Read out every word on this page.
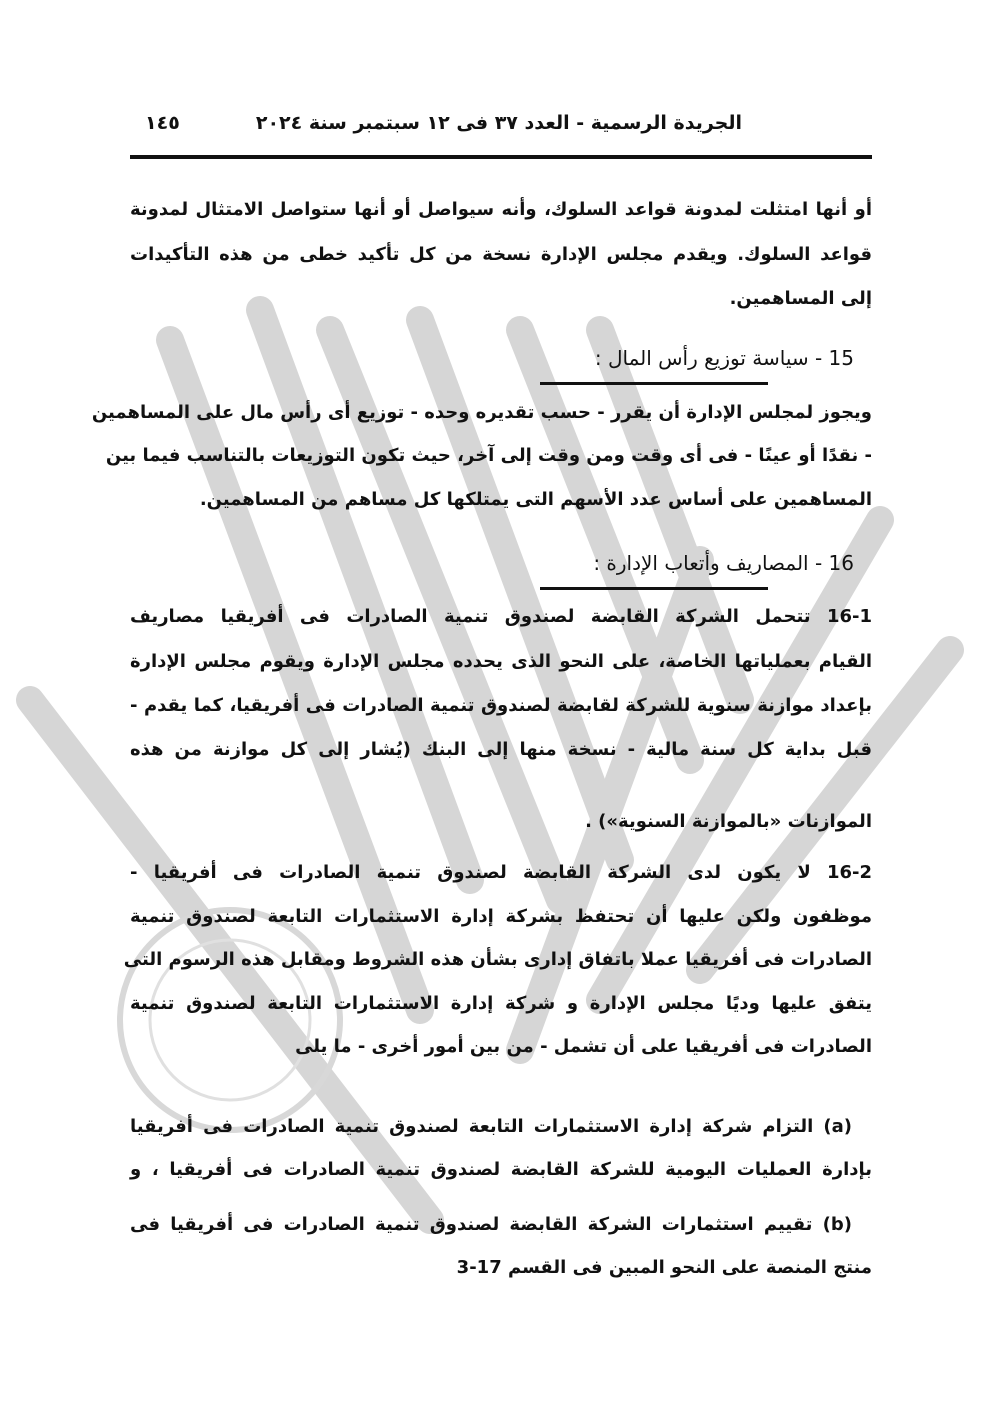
١٤٥	الجريدة الرسمية - العدد ٣٧ فى ١٢ سبتمبر سنة ٢٠٢٤
أو أنها امتثلت لمدونة قواعد السلوك، وأنه سيواصل أو أنها ستواصل الامتثال لمدونة
قواعد السلوك. ويقدم مجلس الإدارة نسخة من كل تأكيد خطى من هذه التأكيدات
إلى المساهمين.
15 - سياسة توزيع رأس المال :
ويجوز لمجلس الإدارة أن يقرر - حسب تقديره وحده - توزيع أى رأس مال على المساهمين
- نقدًا أو عينًا - فى أى وقت ومن وقت إلى آخر، حيث تكون التوزيعات بالتناسب فيما بين
المساهمين على أساس عدد الأسهم التى يمتلكها كل مساهم من المساهمين.
16 - المصاريف وأتعاب الإدارة :
16-1 تتحمل الشركة القابضة لصندوق تنمية الصادرات فى أفريقيا مصاريف
القيام بعملياتها الخاصة، على النحو الذى يحدده مجلس الإدارة ويقوم مجلس الإدارة
بإعداد موازنة سنوية للشركة لقابضة لصندوق تنمية الصادرات فى أفريقيا، كما يقدم -
قبل بداية كل سنة مالية - نسخة منها إلى البنك (يُشار إلى كل موازنة من هذه
الموازنات «بالموازنة السنوية») .
16-2 لا يكون لدى الشركة القابضة لصندوق تنمية الصادرات فى أفريقيا -
موظفون ولكن عليها أن تحتفظ بشركة إدارة الاستثمارات التابعة لصندوق تنمية
الصادرات فى أفريقيا عملا باتفاق إدارى بشأن هذه الشروط ومقابل هذه الرسوم التى
يتفق عليها وديًا مجلس الإدارة و شركة إدارة الاستثمارات التابعة لصندوق تنمية
الصادرات فى أفريقيا على أن تشمل - من بين أمور أخرى - ما يلى
(a) التزام شركة إدارة الاستثمارات التابعة لصندوق تنمية الصادرات فى أفريقيا
بإدارة العمليات اليومية للشركة القابضة لصندوق تنمية الصادرات فى أفريقيا ، و
(b) تقييم استثمارات الشركة القابضة لصندوق تنمية الصادرات فى أفريقيا فى
منتج المنصة على النحو المبين فى القسم 17-3
